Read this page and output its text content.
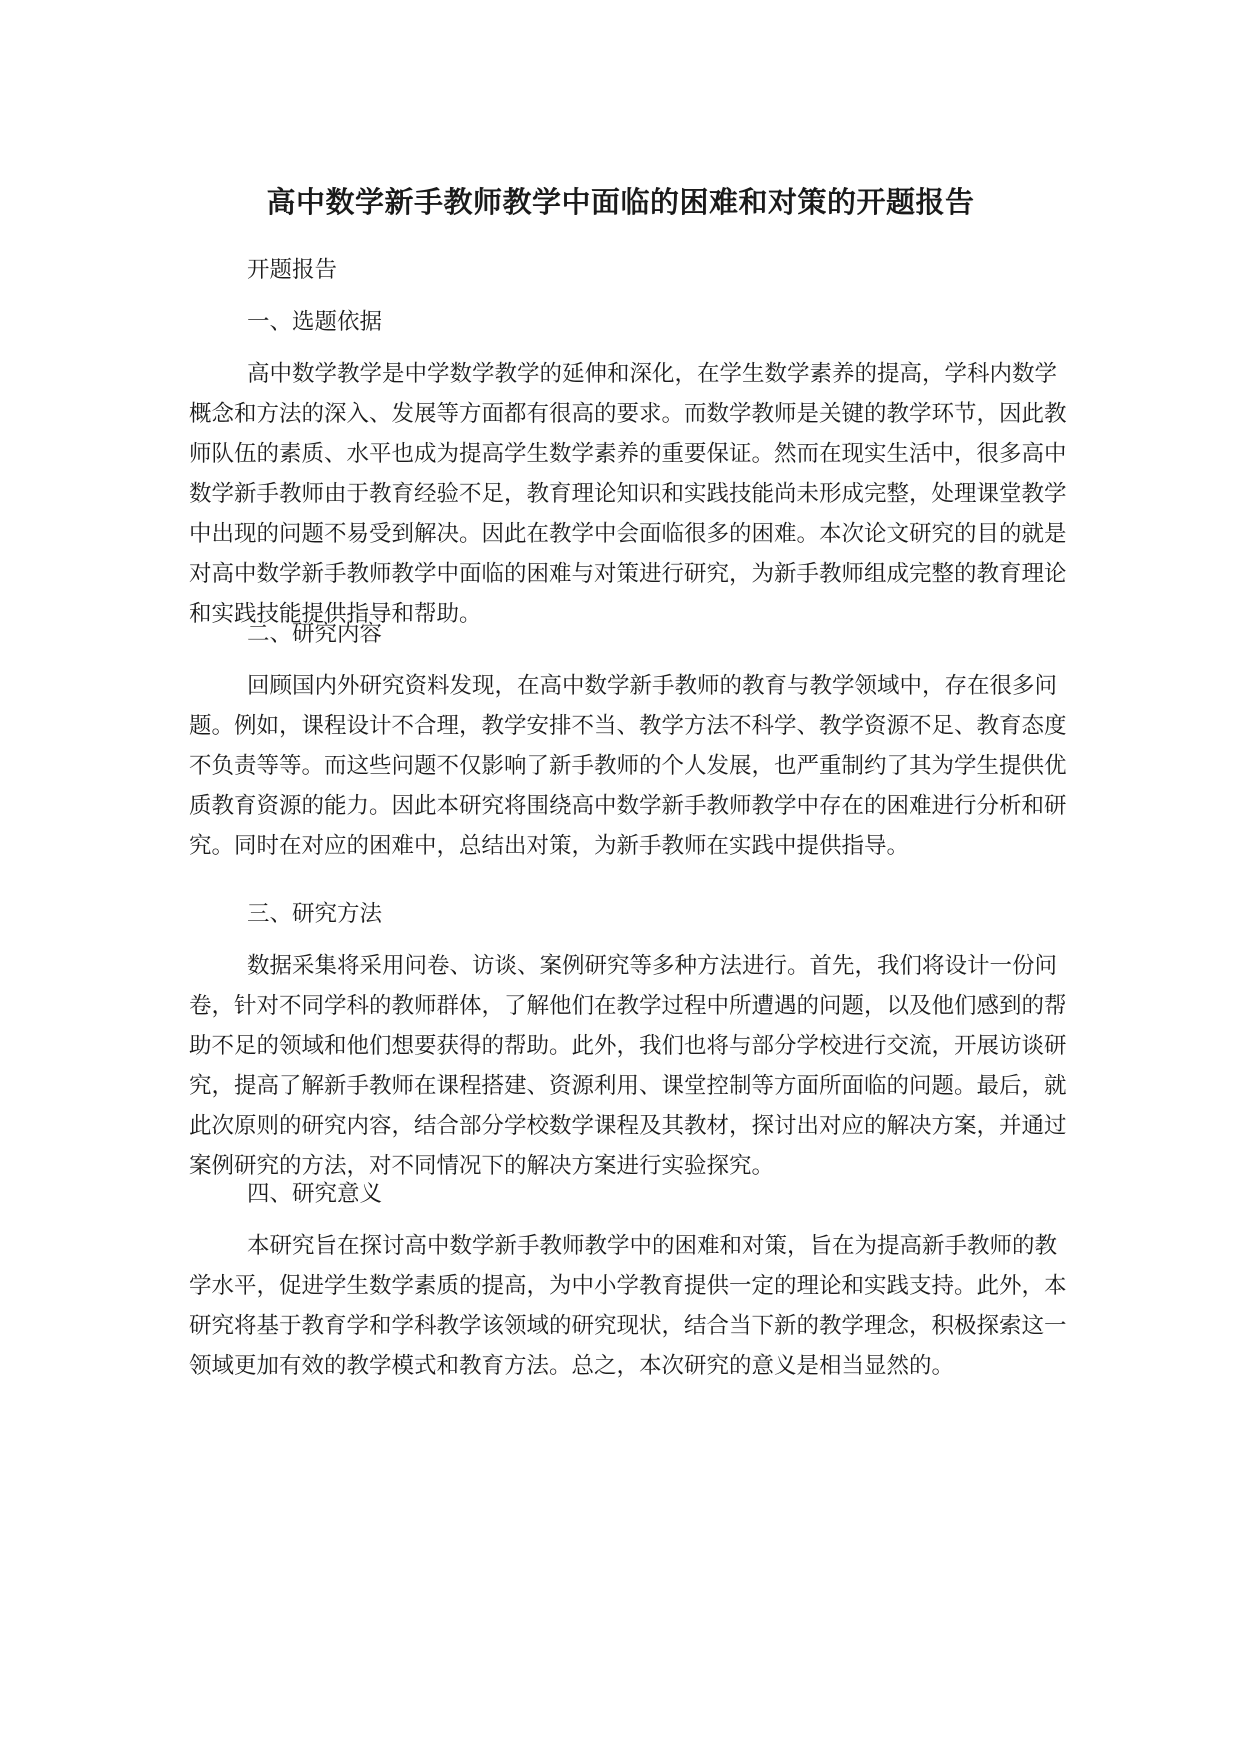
高中数学新手教师教学中面临的困难和对策的开题报告
开题报告
一、选题依据

高中数学教学是中学数学教学的延伸和深化，在学生数学素养的提高，学科内数学概念和方法的深入、发展等方面都有很高的要求。而数学教师是关键的教学环节，因此教师队伍的素质、水平也成为提高学生数学素养的重要保证。然而在现实生活中，很多高中数学新手教师由于教育经验不足，教育理论知识和实践技能尚未形成完整，处理课堂教学中出现的问题不易受到解决。因此在教学中会面临很多的困难。本次论文研究的目的就是对高中数学新手教师教学中面临的困难与对策进行研究，为新手教师组成完整的教育理论和实践技能提供指导和帮助。

二、研究内容

回顾国内外研究资料发现，在高中数学新手教师的教育与教学领域中，存在很多问题。例如，课程设计不合理，教学安排不当、教学方法不科学、教学资源不足、教育态度不负责等等。而这些问题不仅影响了新手教师的个人发展，也严重制约了其为学生提供优质教育资源的能力。因此本研究将围绕高中数学新手教师教学中存在的困难进行分析和研究。同时在对应的困难中，总结出对策，为新手教师在实践中提供指导。

三、研究方法

数据采集将采用问卷、访谈、案例研究等多种方法进行。首先，我们将设计一份问卷，针对不同学科的教师群体，了解他们在教学过程中所遭遇的问题，以及他们感到的帮助不足的领域和他们想要获得的帮助。此外，我们也将与部分学校进行交流，开展访谈研究，提高了解新手教师在课程搭建、资源利用、课堂控制等方面所面临的问题。最后，就此次原则的研究内容，结合部分学校数学课程及其教材，探讨出对应的解决方案，并通过案例研究的方法，对不同情况下的解决方案进行实验探究。

四、研究意义

本研究旨在探讨高中数学新手教师教学中的困难和对策，旨在为提高新手教师的教学水平，促进学生数学素质的提高，为中小学教育提供一定的理论和实践支持。此外，本研究将基于教育学和学科教学该领域的研究现状，结合当下新的教学理念，积极探索这一领域更加有效的教学模式和教育方法。总之，本次研究的意义是相当显然的。
